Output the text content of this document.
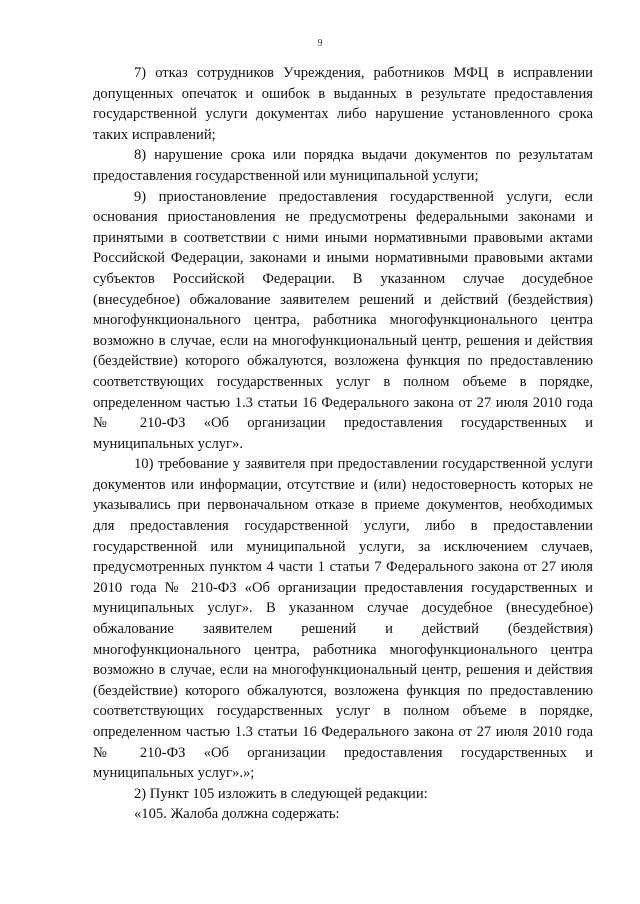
9

7) отказ сотрудников Учреждения, работников МФЦ в исправлении допущенных опечаток и ошибок в выданных в результате предоставления государственной услуги документах либо нарушение установленного срока таких исправлений;

8) нарушение срока или порядка выдачи документов по результатам предоставления государственной или муниципальной услуги;

9) приостановление предоставления государственной услуги, если основания приостановления не предусмотрены федеральными законами и принятыми в соответствии с ними иными нормативными правовыми актами Российской Федерации, законами и иными нормативными правовыми актами субъектов Российской Федерации. В указанном случае досудебное (внесудебное) обжалование заявителем решений и действий (бездействия) многофункционального центра, работника многофункционального центра возможно в случае, если на многофункциональный центр, решения и действия (бездействие) которого обжалуются, возложена функция по предоставлению соответствующих государственных услуг в полном объеме в порядке, определенном частью 1.3 статьи 16 Федерального закона от 27 июля 2010 года № 210-ФЗ «Об организации предоставления государственных и муниципальных услуг».

10) требование у заявителя при предоставлении государственной услуги документов или информации, отсутствие и (или) недостоверность которых не указывались при первоначальном отказе в приеме документов, необходимых для предоставления государственной услуги, либо в предоставлении государственной или муниципальной услуги, за исключением случаев, предусмотренных пунктом 4 части 1 статьи 7 Федерального закона от 27 июля 2010 года № 210-ФЗ «Об организации предоставления государственных и муниципальных услуг». В указанном случае досудебное (внесудебное) обжалование заявителем решений и действий (бездействия) многофункционального центра, работника многофункционального центра возможно в случае, если на многофункциональный центр, решения и действия (бездействие) которого обжалуются, возложена функция по предоставлению соответствующих государственных услуг в полном объеме в порядке, определенном частью 1.3 статьи 16 Федерального закона от 27 июля 2010 года № 210-ФЗ «Об организации предоставления государственных и муниципальных услуг».»;

2) Пункт 105 изложить в следующей редакции:

«105. Жалоба должна содержать:
